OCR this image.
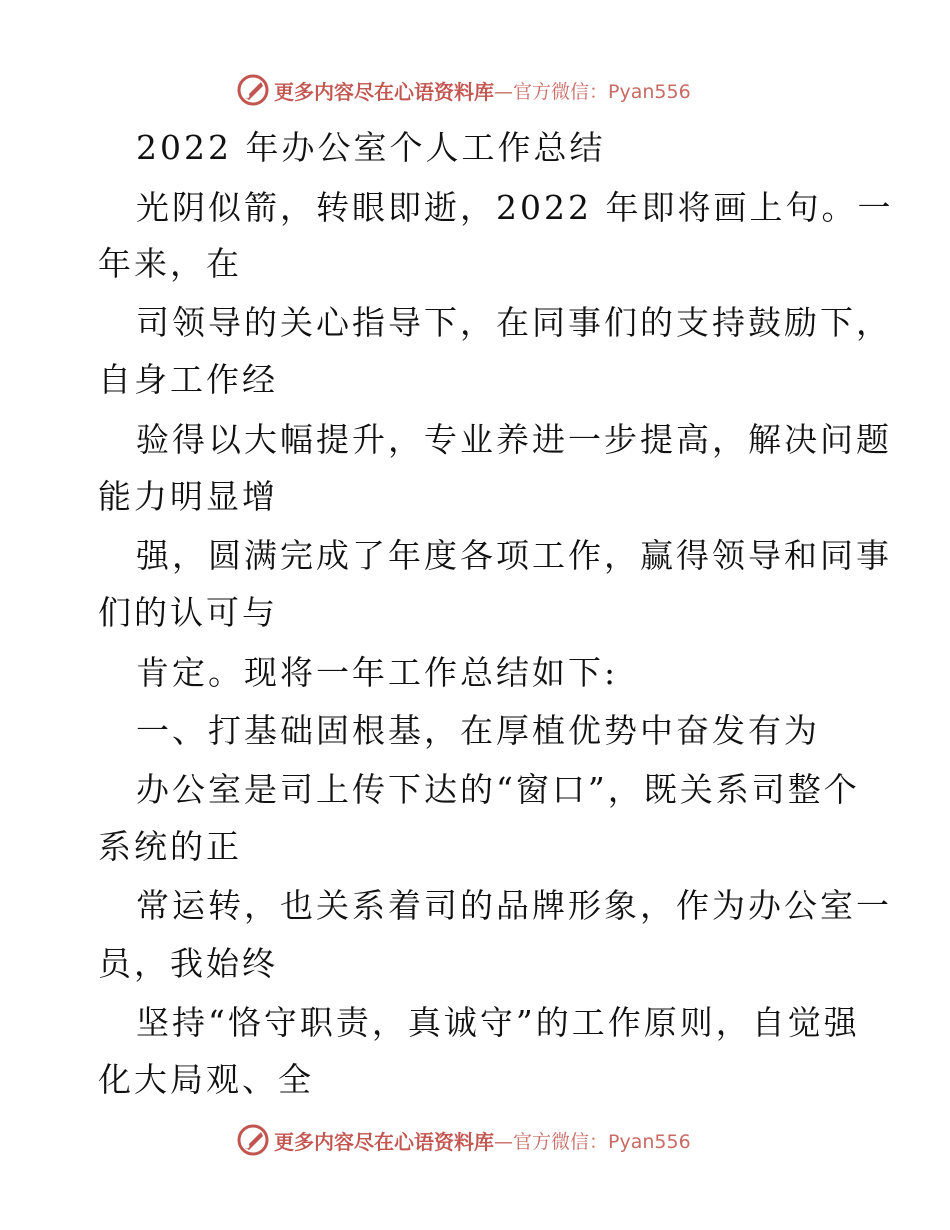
更多内容尽在心语资料库 —官方微信：Pyan556
2022 年办公室个人工作总结
光阴似箭，转眼即逝，2022 年即将画上句。一
年来，在
司领导的关心指导下，在同事们的支持鼓励下，
自身工作经
验得以大幅提升，专业养进一步提高，解决问题
能力明显增
强，圆满完成了年度各项工作，赢得领导和同事
们的认可与
肯定。现将一年工作总结如下:
一、打基础固根基，在厚植优势中奋发有为
办公室是司上传下达的“窗口”，既关系司整个
系统的正
常运转，也关系着司的品牌形象，作为办公室一
员，我始终
坚持“恪守职责，真诚守”的工作原则，自觉强
化大局观、全
更多内容尽在心语资料库 —官方微信：Pyan556
